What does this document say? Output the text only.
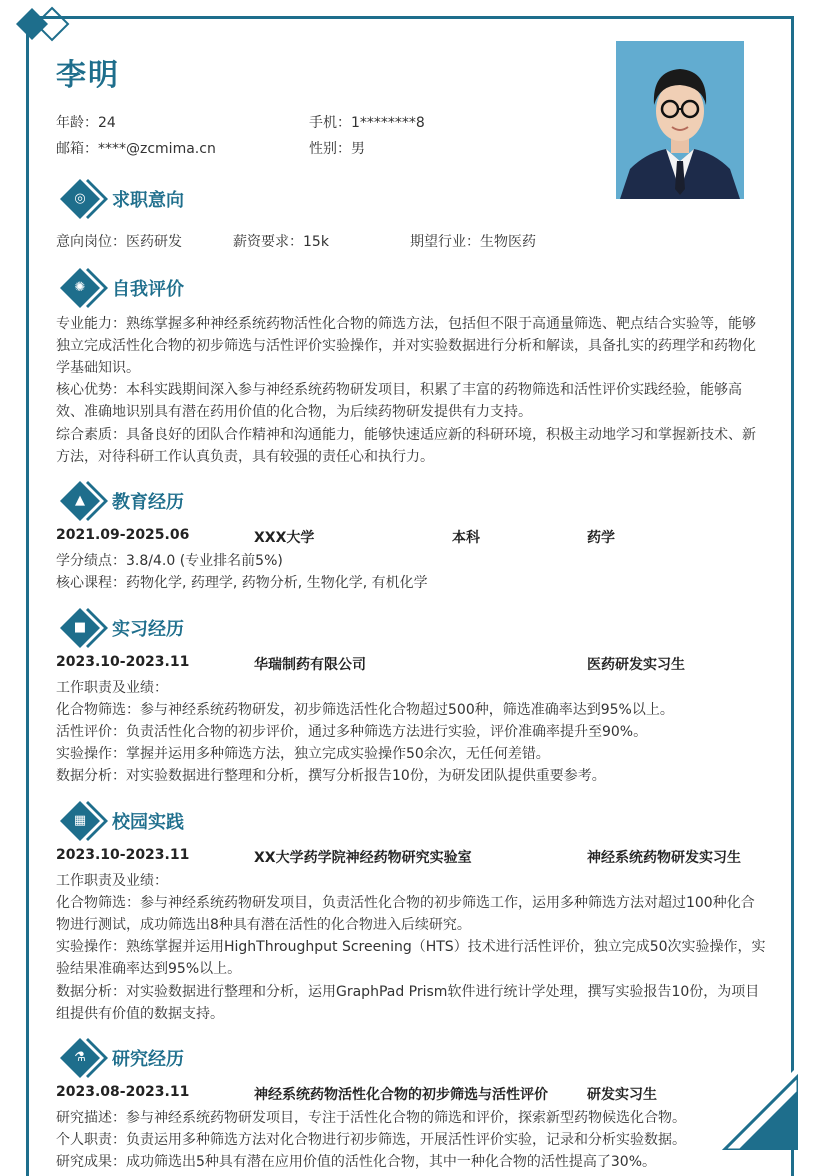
李明
年龄：24	手机：1********8
邮箱：****@zcmima.cn	性别：男
◎ 求职意向
意向岗位：医药研发	薪资要求：15k	期望行业：生物医药
✺	自我评价
专业能力：熟练掌握多种神经系统药物活性化合物的筛选方法，包括但不限于高通量筛选、靶点结合实验等，能够
独立完成活性化合物的初步筛选与活性评价实验操作，并对实验数据进行分析和解读，具备扎实的药理学和药物化
学基础知识。
核心优势：本科实践期间深入参与神经系统药物研发项目，积累了丰富的药物筛选和活性评价实践经验，能够高
效、准确地识别具有潜在药用价值的化合物，为后续药物研发提供有力支持。
综合素质：具备良好的团队合作精神和沟通能力，能够快速适应新的科研环境，积极主动地学习和掌握新技术、新
方法，对待科研工作认真负责，具有较强的责任心和执行力。
▲	教育经历
2021.09-2025.06	XXX大学	本科	药学
学分绩点：3.8/4.0 (专业排名前5%)
核心课程：药物化学, 药理学, 药物分析, 生物化学, 有机化学
■ 实习经历
2023.10-2023.11	华瑞制药有限公司	医药研发实习生
工作职责及业绩：
化合物筛选：参与神经系统药物研发，初步筛选活性化合物超过500种，筛选准确率达到95%以上。
活性评价：负责活性化合物的初步评价，通过多种筛选方法进行实验，评价准确率提升至90%。
实验操作：掌握并运用多种筛选方法，独立完成实验操作50余次，无任何差错。
数据分析：对实验数据进行整理和分析，撰写分析报告10份，为研发团队提供重要参考。
▦ 校园实践
2023.10-2023.11	XX大学药学院神经药物研究实验室	神经系统药物研发实习生
工作职责及业绩：
化合物筛选：参与神经系统药物研发项目，负责活性化合物的初步筛选工作，运用多种筛选方法对超过100种化合
物进行测试，成功筛选出8种具有潜在活性的化合物进入后续研究。
实验操作：熟练掌握并运用HighThroughput Screening（HTS）技术进行活性评价，独立完成50次实验操作，实
验结果准确率达到95%以上。
数据分析：对实验数据进行整理和分析，运用GraphPad Prism软件进行统计学处理，撰写实验报告10份，为项目
组提供有价值的数据支持。
⚗ 研究经历
2023.08-2023.11	神经系统药物活性化合物的初步筛选与活性评价	研发实习生
研究描述：参与神经系统药物研发项目，专注于活性化合物的筛选和评价，探索新型药物候选化合物。
个人职责：负责运用多种筛选方法对化合物进行初步筛选，开展活性评价实验，记录和分析实验数据。
研究成果：成功筛选出5种具有潜在应用价值的活性化合物，其中一种化合物的活性提高了30%。
